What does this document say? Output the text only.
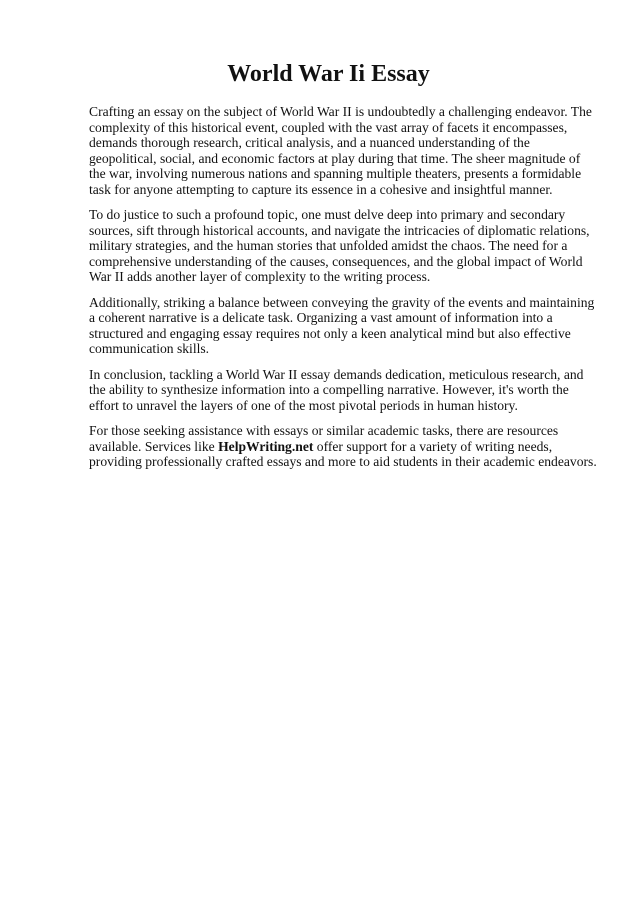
World War Ii Essay

Crafting an essay on the subject of World War II is undoubtedly a challenging endeavor. The complexity of this historical event, coupled with the vast array of facets it encompasses, demands thorough research, critical analysis, and a nuanced understanding of the geopolitical, social, and economic factors at play during that time. The sheer magnitude of the war, involving numerous nations and spanning multiple theaters, presents a formidable task for anyone attempting to capture its essence in a cohesive and insightful manner.

To do justice to such a profound topic, one must delve deep into primary and secondary sources, sift through historical accounts, and navigate the intricacies of diplomatic relations, military strategies, and the human stories that unfolded amidst the chaos. The need for a comprehensive understanding of the causes, consequences, and the global impact of World War II adds another layer of complexity to the writing process.

Additionally, striking a balance between conveying the gravity of the events and maintaining a coherent narrative is a delicate task. Organizing a vast amount of information into a structured and engaging essay requires not only a keen analytical mind but also effective communication skills.

In conclusion, tackling a World War II essay demands dedication, meticulous research, and the ability to synthesize information into a compelling narrative. However, it's worth the effort to unravel the layers of one of the most pivotal periods in human history.

For those seeking assistance with essays or similar academic tasks, there are resources available. Services like HelpWriting.net offer support for a variety of writing needs, providing professionally crafted essays and more to aid students in their academic endeavors.
